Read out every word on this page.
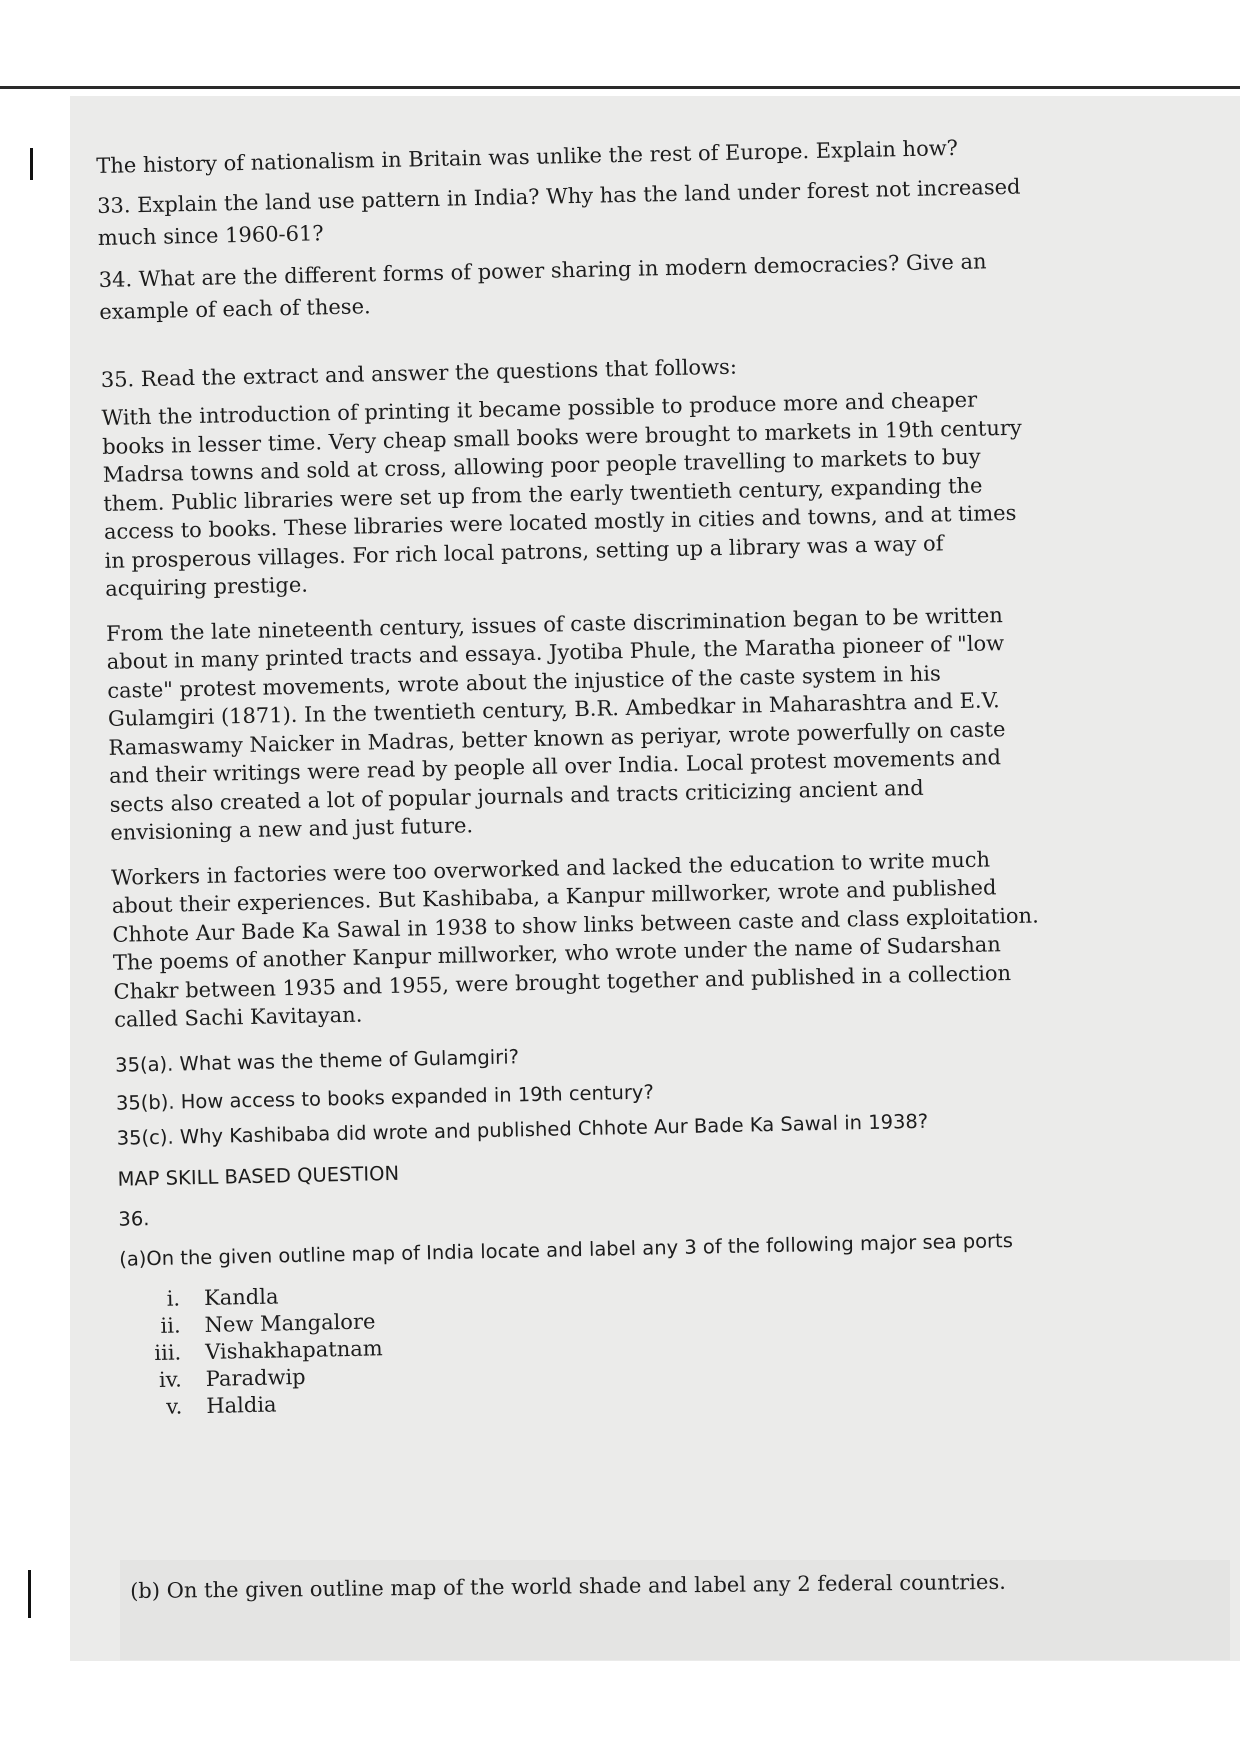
The history of nationalism in Britain was unlike the rest of Europe. Explain how?

33. Explain the land use pattern in India? Why has the land under forest not increased much since 1960-61?

34. What are the different forms of power sharing in modern democracies? Give an example of each of these.

35. Read the extract and answer the questions that follows:

With the introduction of printing it became possible to produce more and cheaper books in lesser time. Very cheap small books were brought to markets in 19th century Madrsa towns and sold at cross, allowing poor people travelling to markets to buy them. Public libraries were set up from the early twentieth century, expanding the access to books. These libraries were located mostly in cities and towns, and at times in prosperous villages. For rich local patrons, setting up a library was a way of acquiring prestige.

From the late nineteenth century, issues of caste discrimination began to be written about in many printed tracts and essaya. Jyotiba Phule, the Maratha pioneer of "low caste" protest movements, wrote about the injustice of the caste system in his Gulamgiri (1871). In the twentieth century, B.R. Ambedkar in Maharashtra and E.V. Ramaswamy Naicker in Madras, better known as periyar, wrote powerfully on caste and their writings were read by people all over India. Local protest movements and sects also created a lot of popular journals and tracts criticizing ancient and envisioning a new and just future.

Workers in factories were too overworked and lacked the education to write much about their experiences. But Kashibaba, a Kanpur millworker, wrote and published Chhote Aur Bade Ka Sawal in 1938 to show links between caste and class exploitation. The poems of another Kanpur millworker, who wrote under the name of Sudarshan Chakr between 1935 and 1955, were brought together and published in a collection called Sachi Kavitayan.

35(a). What was the theme of Gulamgiri?

35(b). How access to books expanded in 19th century?

35(c). Why Kashibaba did wrote and published Chhote Aur Bade Ka Sawal in 1938?

MAP SKILL BASED QUESTION

36.

(a)On the given outline map of India locate and label any 3 of the following major sea ports

i.	Kandla
ii.	New Mangalore
iii.	Vishakhapatnam
iv.	Paradwip
v.	Haldia
(b) On the given outline map of the world shade and label any 2 federal countries.
